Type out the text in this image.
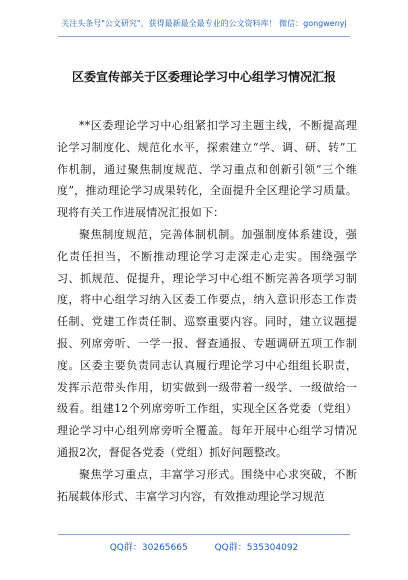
关注头条号"公文研究"，获得最新最全最专业的公文资料库！ 微信：gongwenyj
区委宣传部关于区委理论学习中心组学习情况汇报

**区委理论学习中心组紧扣学习主题主线，不断提高理论学习制度化、规范化水平，探索建立“学、调、研、转”工作机制，通过聚焦制度规范、学习重点和创新引领“三个维度”，推动理论学习成果转化，全面提升全区理论学习质量。现将有关工作进展情况汇报如下：

聚焦制度规范，完善体制机制。加强制度体系建设，强化责任担当，不断推动理论学习走深走心走实。围绕强学习、抓规范、促提升，理论学习中心组不断完善各项学习制度，将中心组学习纳入区委工作要点，纳入意识形态工作责任制、党建工作责任制、巡察重要内容。同时，建立议题提报、列席旁听、一学一报、督查通报、专题调研五项工作制度。区委主要负责同志认真履行理论学习中心组组长职责，发挥示范带头作用，切实做到一级带着一级学、一级做给一级看。组建12个列席旁听工作组，实现全区各党委（党组）理论学习中心组列席旁听全覆盖。每年开展中心组学习情况通报2次，督促各党委（党组）抓好问题整改。

聚焦学习重点，丰富学习形式。围绕中心求突破，不断拓展载体形式、丰富学习内容，有效推动理论学习规范

QQ群：30265665	QQ群：535304092
